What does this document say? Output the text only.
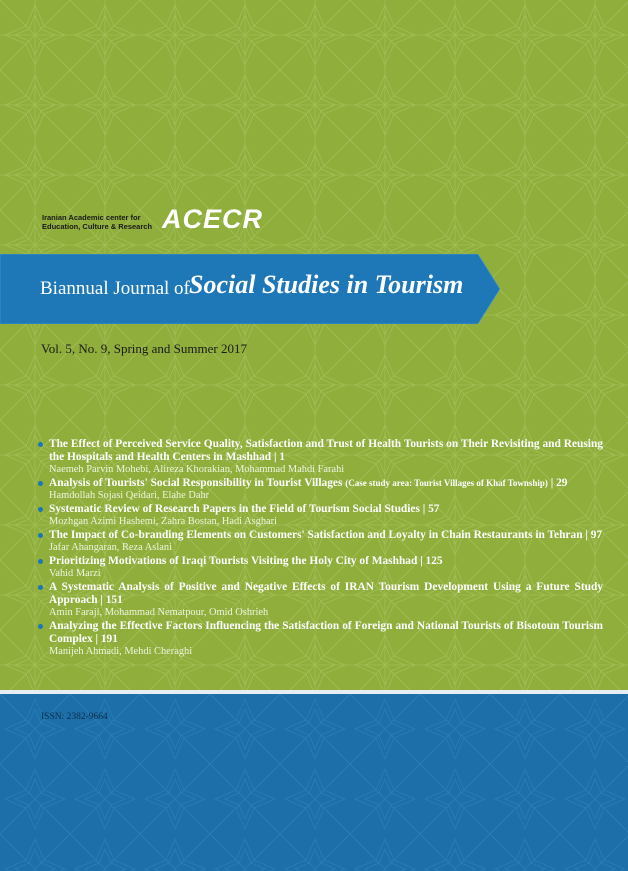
Iranian Academic center for
Education, Culture & Research ACECR
Biannual Journal of Social Studies in Tourism
Vol. 5, No. 9, Spring and Summer 2017
The Effect of Perceived Service Quality, Satisfaction and Trust of Health Tourists on Their Revisiting and Reusing the Hospitals and Health Centers in Mashhad | 1
Naemeh Parvin Mohebi, Alireza Khorakian, Mohammad Mahdi Farahi
Analysis of Tourists' Social Responsibility in Tourist Villages (Case study area: Tourist Villages of Khaf Township) | 29
Hamdollah Sojasi Qeidari, Elahe Dahr
Systematic Review of Research Papers in the Field of Tourism Social Studies | 57
Mozhgan Azimi Hashemi, Zahra Bostan, Hadi Asghari
The Impact of Co-branding Elements on Customers' Satisfaction and Loyalty in Chain Restaurants in Tehran | 97
Jafar Ahangaran, Reza Aslani
Prioritizing Motivations of Iraqi Tourists Visiting the Holy City of Mashhad | 125
Vahid Marzi
A Systematic Analysis of Positive and Negative Effects of IRAN Tourism Development Using a Future Study Approach | 151
Amin Faraji, Mohammad Nematpour, Omid Oshrieh
Analyzing the Effective Factors Influencing the Satisfaction of Foreign and National Tourists of Bisotoun Tourism Complex | 191
Manijeh Ahmadi, Mehdi Cheraghi
ISSN: 2382-9664
